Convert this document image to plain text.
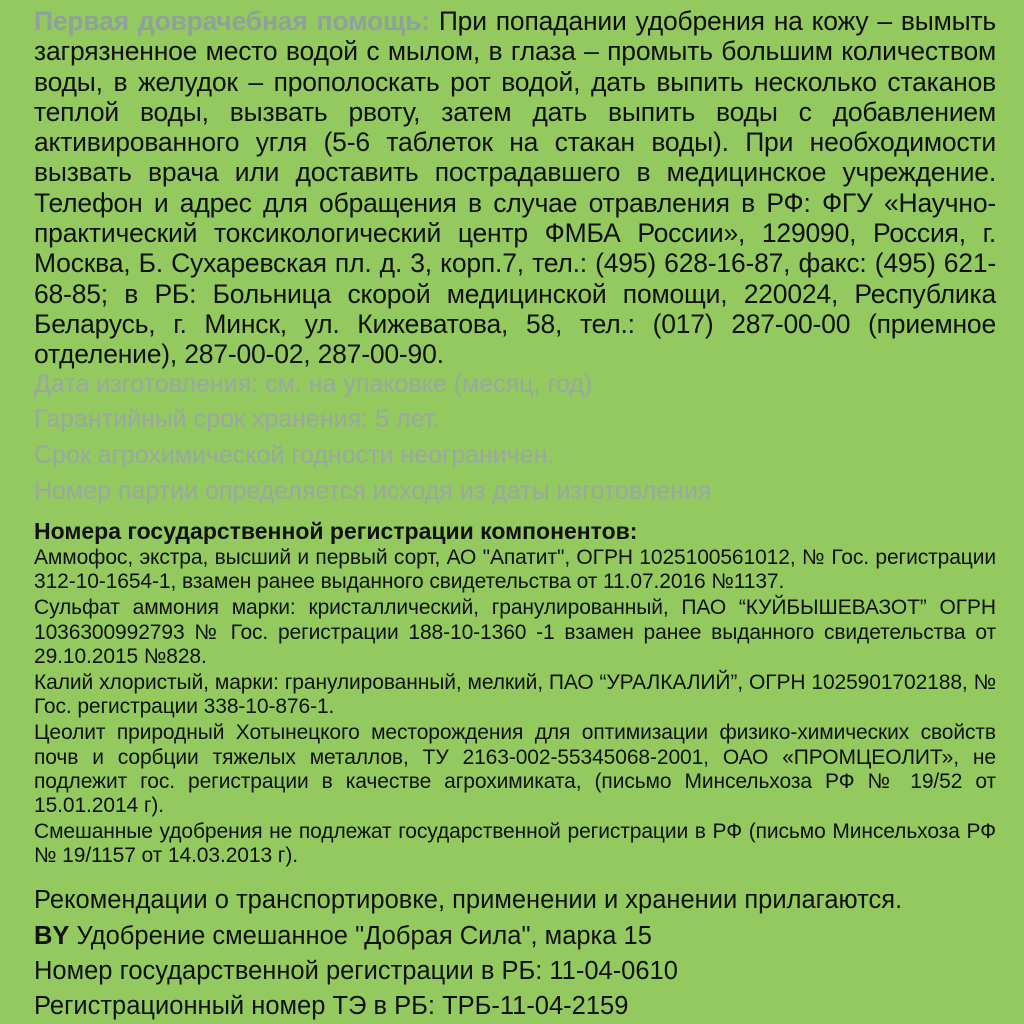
Первая доврачебная помощь: При попадании удобрения на кожу – вымыть загрязненное место водой с мылом, в глаза – промыть большим количеством воды, в желудок – прополоскать рот водой, дать выпить несколько стаканов теплой воды, вызвать рвоту, затем дать выпить воды с добавлением активированного угля (5-6 таблеток на стакан воды). При необходимости вызвать врача или доставить пострадавшего в медицинское учреждение. Телефон и адрес для обращения в случае отравления в РФ: ФГУ «Научно-практический токсикологический центр ФМБА России», 129090, Россия, г. Москва, Б. Сухаревская пл. д. 3, корп.7, тел.: (495) 628-16-87, факс: (495) 621-68-85; в РБ: Больница скорой медицинской помощи, 220024, Республика Беларусь, г. Минск, ул. Кижеватова, 58, тел.: (017) 287-00-00 (приемное отделение), 287-00-02, 287-00-90.
Дата изготовления: см. на упаковке (месяц, год)
Гарантийный срок хранения: 5 лет.
Срок агрохимической годности неограничен.
Номер партии определяется исходя из даты изготовления
Номера государственной регистрации компонентов:

Аммофос, экстра, высший и первый сорт, АО "Апатит", ОГРН 1025100561012, № Гос. регистрации 312-10-1654-1, взамен ранее выданного свидетельства от 11.07.2016 №1137.

Сульфат аммония марки: кристаллический, гранулированный, ПАО “КУЙБЫШЕВАЗОТ” ОГРН 1036300992793 № Гос. регистрации 188-10-1360 -1 взамен ранее выданного свидетельства от 29.10.2015 №828.

Калий хлористый, марки: гранулированный, мелкий, ПАО “УРАЛКАЛИЙ”, ОГРН 1025901702188, № Гос. регистрации 338-10-876-1.

Цеолит природный Хотынецкого месторождения для оптимизации физико-химических свойств почв и сорбции тяжелых металлов, ТУ 2163-002-55345068-2001, ОАО «ПРОМЦЕОЛИТ», не подлежит гос. регистрации в качестве агрохимиката, (письмо Минсельхоза РФ № 19/52 от 15.01.2014 г).

Смешанные удобрения не подлежат государственной регистрации в РФ (письмо Минсельхоза РФ № 19/1157 от 14.03.2013 г).

Рекомендации о транспортировке, применении и хранении прилагаются.
BY Удобрение смешанное "Добрая Сила", марка 15
Номер государственной регистрации в РБ: 11-04-0610
Регистрационный номер ТЭ в РБ: ТРБ-11-04-2159
